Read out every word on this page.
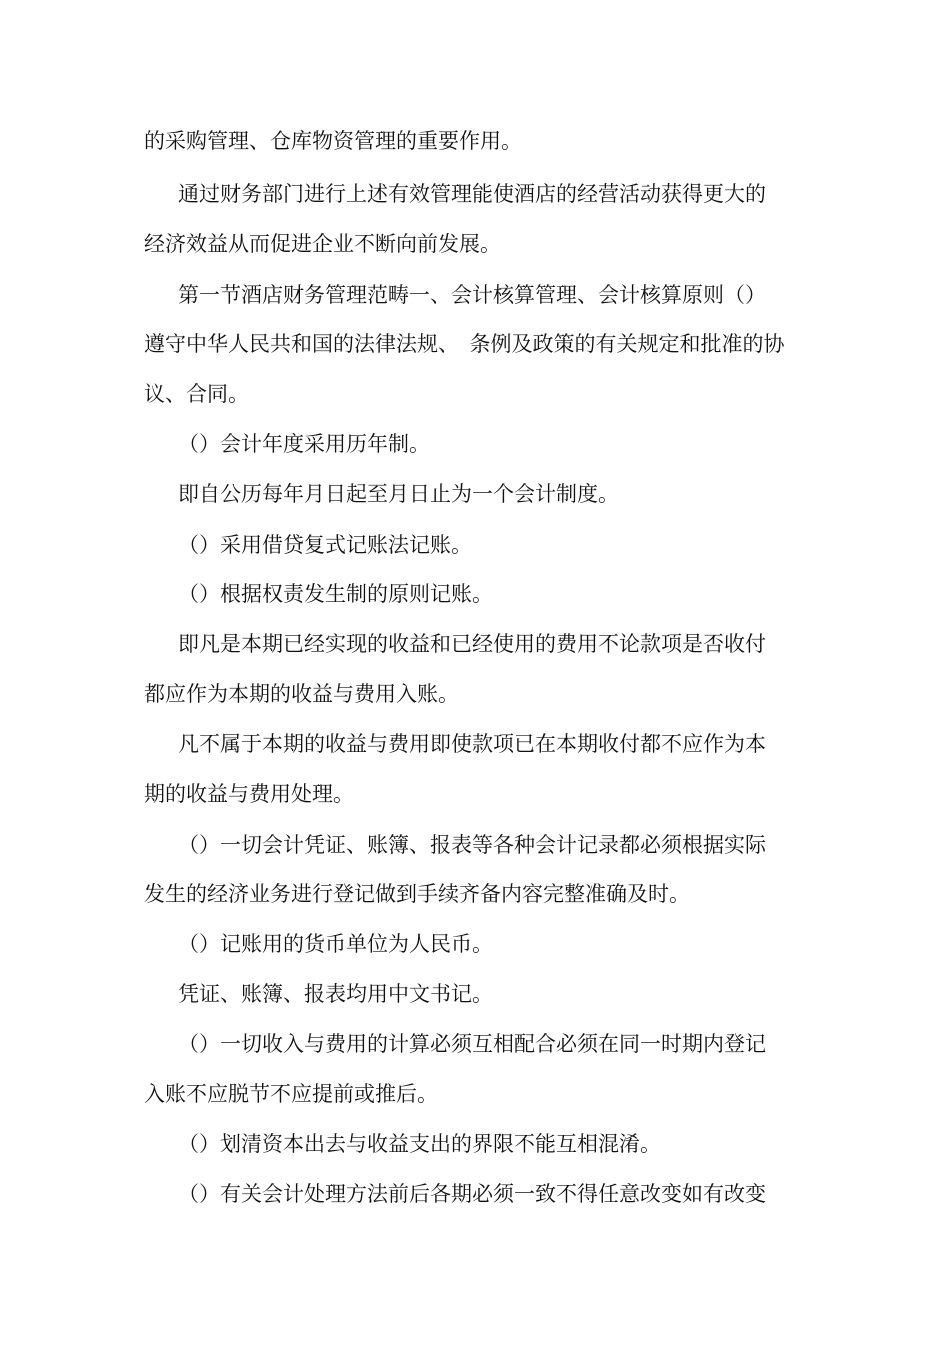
的采购管理、仓库物资管理的重要作用。
通过财务部门进行上述有效管理能使酒店的经营活动获得更大的
经济效益从而促进企业不断向前发展。
第一节酒店财务管理范畴一、会计核算管理、会计核算原则（）
遵守中华人民共和国的法律法规、　条例及政策的有关规定和批准的协
议、合同。
（）会计年度采用历年制。
即自公历每年月日起至月日止为一个会计制度。
（）采用借贷复式记账法记账。
（）根据权责发生制的原则记账。
即凡是本期已经实现的收益和已经使用的费用不论款项是否收付
都应作为本期的收益与费用入账。
凡不属于本期的收益与费用即使款项已在本期收付都不应作为本
期的收益与费用处理。
（）一切会计凭证、账簿、报表等各种会计记录都必须根据实际
发生的经济业务进行登记做到手续齐备内容完整准确及时。
（）记账用的货币单位为人民币。
凭证、账簿、报表均用中文书记。
（）一切收入与费用的计算必须互相配合必须在同一时期内登记
入账不应脱节不应提前或推后。
（）划清资本出去与收益支出的界限不能互相混淆。
（）有关会计处理方法前后各期必须一致不得任意改变如有改变
